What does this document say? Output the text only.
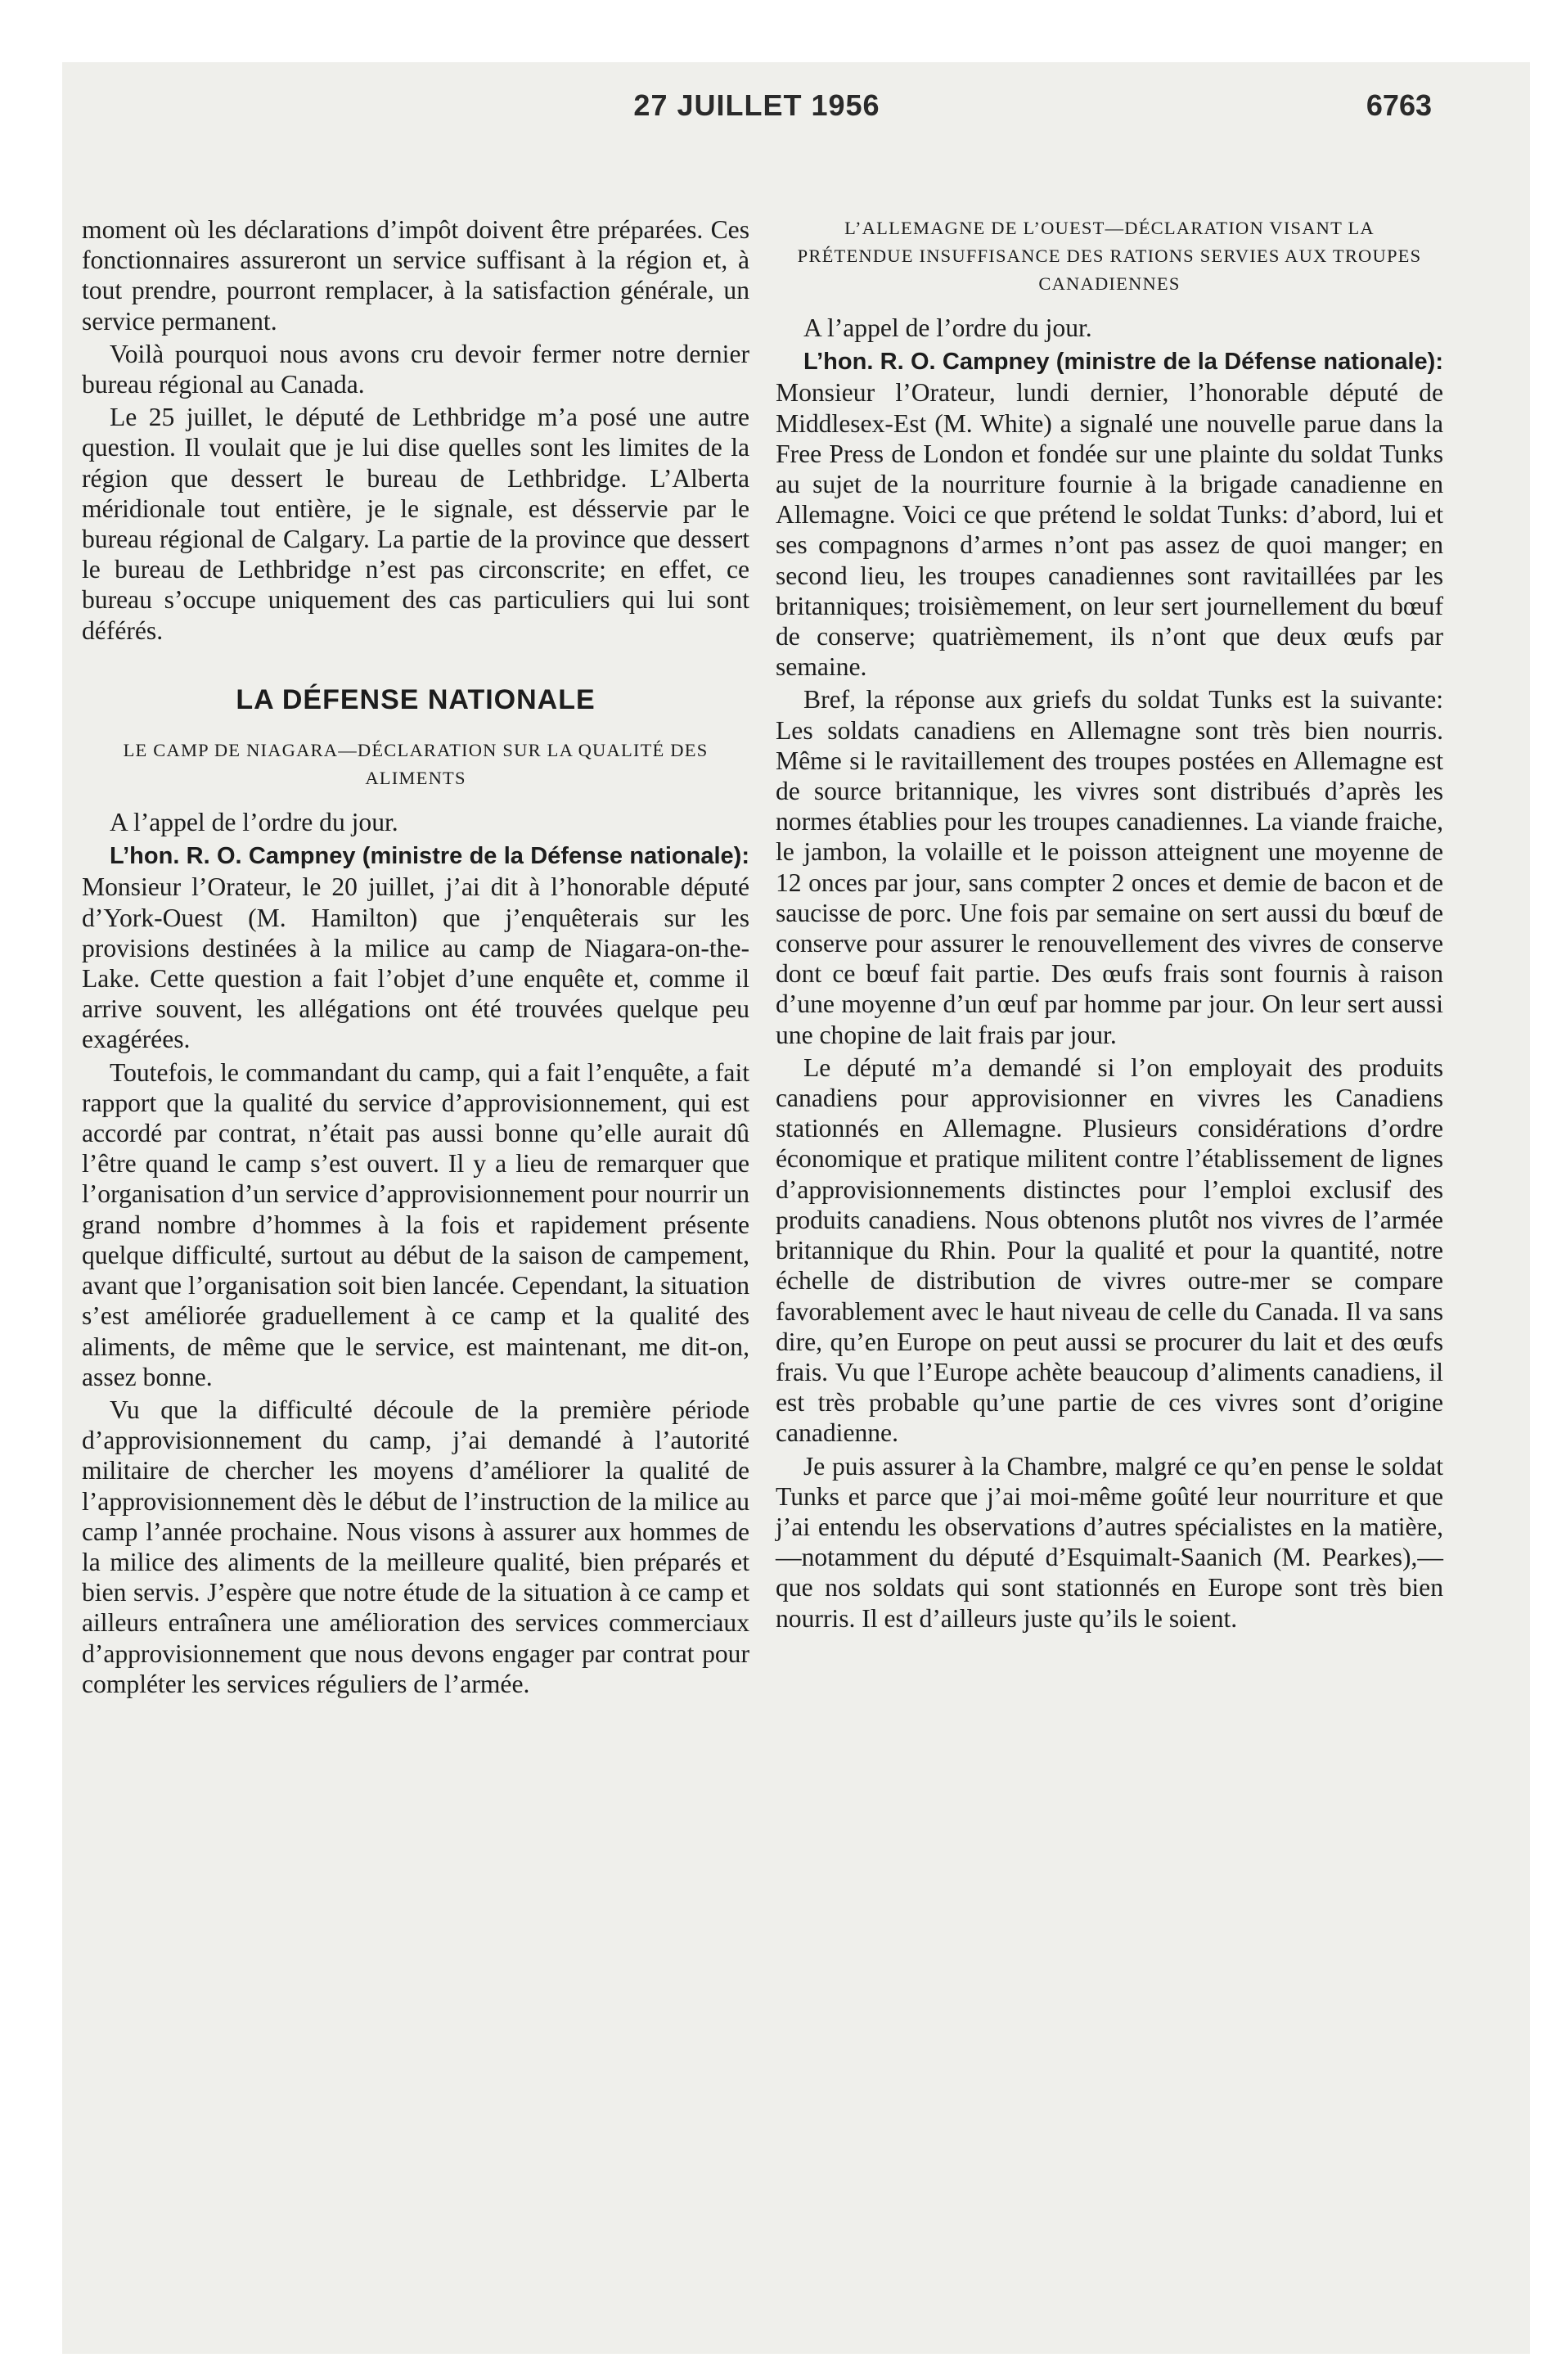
27 JUILLET 1956	6763

moment où les déclarations d’impôt doivent être préparées. Ces fonctionnaires assureront un service suffisant à la région et, à tout prendre, pourront remplacer, à la satisfaction générale, un service permanent.

Voilà pourquoi nous avons cru devoir fermer notre dernier bureau régional au Canada.

Le 25 juillet, le député de Lethbridge m’a posé une autre question. Il voulait que je lui dise quelles sont les limites de la région que dessert le bureau de Lethbridge. L’Alberta méridionale tout entière, je le signale, est désservie par le bureau régional de Calgary. La partie de la province que dessert le bureau de Lethbridge n’est pas circonscrite; en effet, ce bureau s’occupe uniquement des cas particuliers qui lui sont déférés.

LA DÉFENSE NATIONALE
LE CAMP DE NIAGARA—DÉCLARATION SUR LA QUALITÉ DES ALIMENTS

A l’appel de l’ordre du jour.

L’hon. R. O. Campney (ministre de la Défense nationale): Monsieur l’Orateur, le 20 juillet, j’ai dit à l’honorable député d’York-Ouest (M. Hamilton) que j’enquêterais sur les provisions destinées à la milice au camp de Niagara-on-the-Lake. Cette question a fait l’objet d’une enquête et, comme il arrive souvent, les allégations ont été trouvées quelque peu exagérées.

Toutefois, le commandant du camp, qui a fait l’enquête, a fait rapport que la qualité du service d’approvisionnement, qui est accordé par contrat, n’était pas aussi bonne qu’elle aurait dû l’être quand le camp s’est ouvert. Il y a lieu de remarquer que l’organisation d’un service d’approvisionnement pour nourrir un grand nombre d’hommes à la fois et rapidement présente quelque difficulté, surtout au début de la saison de campement, avant que l’organisation soit bien lancée. Cependant, la situation s’est améliorée graduellement à ce camp et la qualité des aliments, de même que le service, est maintenant, me dit-on, assez bonne.

Vu que la difficulté découle de la première période d’approvisionnement du camp, j’ai demandé à l’autorité militaire de chercher les moyens d’améliorer la qualité de l’approvisionnement dès le début de l’instruction de la milice au camp l’année prochaine. Nous visons à assurer aux hommes de la milice des aliments de la meilleure qualité, bien préparés et bien servis. J’espère que notre étude de la situation à ce camp et ailleurs entraînera une amélioration des services commerciaux d’approvisionnement que nous devons engager par contrat pour compléter les services réguliers de l’armée.

L’ALLEMAGNE DE L’OUEST—DÉCLARATION VISANT LA PRÉTENDUE INSUFFISANCE DES RATIONS SERVIES AUX TROUPES CANADIENNES

A l’appel de l’ordre du jour.

L’hon. R. O. Campney (ministre de la Défense nationale): Monsieur l’Orateur, lundi dernier, l’honorable député de Middlesex-Est (M. White) a signalé une nouvelle parue dans la Free Press de London et fondée sur une plainte du soldat Tunks au sujet de la nourriture fournie à la brigade canadienne en Allemagne. Voici ce que prétend le soldat Tunks: d’abord, lui et ses compagnons d’armes n’ont pas assez de quoi manger; en second lieu, les troupes canadiennes sont ravitaillées par les britanniques; troisièmement, on leur sert journellement du bœuf de conserve; quatrièmement, ils n’ont que deux œufs par semaine.

Bref, la réponse aux griefs du soldat Tunks est la suivante: Les soldats canadiens en Allemagne sont très bien nourris. Même si le ravitaillement des troupes postées en Allemagne est de source britannique, les vivres sont distribués d’après les normes établies pour les troupes canadiennes. La viande fraiche, le jambon, la volaille et le poisson atteignent une moyenne de 12 onces par jour, sans compter 2 onces et demie de bacon et de saucisse de porc. Une fois par semaine on sert aussi du bœuf de conserve pour assurer le renouvellement des vivres de conserve dont ce bœuf fait partie. Des œufs frais sont fournis à raison d’une moyenne d’un œuf par homme par jour. On leur sert aussi une chopine de lait frais par jour.

Le député m’a demandé si l’on employait des produits canadiens pour approvisionner en vivres les Canadiens stationnés en Allemagne. Plusieurs considérations d’ordre économique et pratique militent contre l’établissement de lignes d’approvisionnements distinctes pour l’emploi exclusif des produits canadiens. Nous obtenons plutôt nos vivres de l’armée britannique du Rhin. Pour la qualité et pour la quantité, notre échelle de distribution de vivres outre-mer se compare favorablement avec le haut niveau de celle du Canada. Il va sans dire, qu’en Europe on peut aussi se procurer du lait et des œufs frais. Vu que l’Europe achète beaucoup d’aliments canadiens, il est très probable qu’une partie de ces vivres sont d’origine canadienne.

Je puis assurer à la Chambre, malgré ce qu’en pense le soldat Tunks et parce que j’ai moi-même goûté leur nourriture et que j’ai entendu les observations d’autres spécialistes en la matière,—notamment du député d’Esquimalt-Saanich (M. Pearkes),—que nos soldats qui sont stationnés en Europe sont très bien nourris. Il est d’ailleurs juste qu’ils le soient.
